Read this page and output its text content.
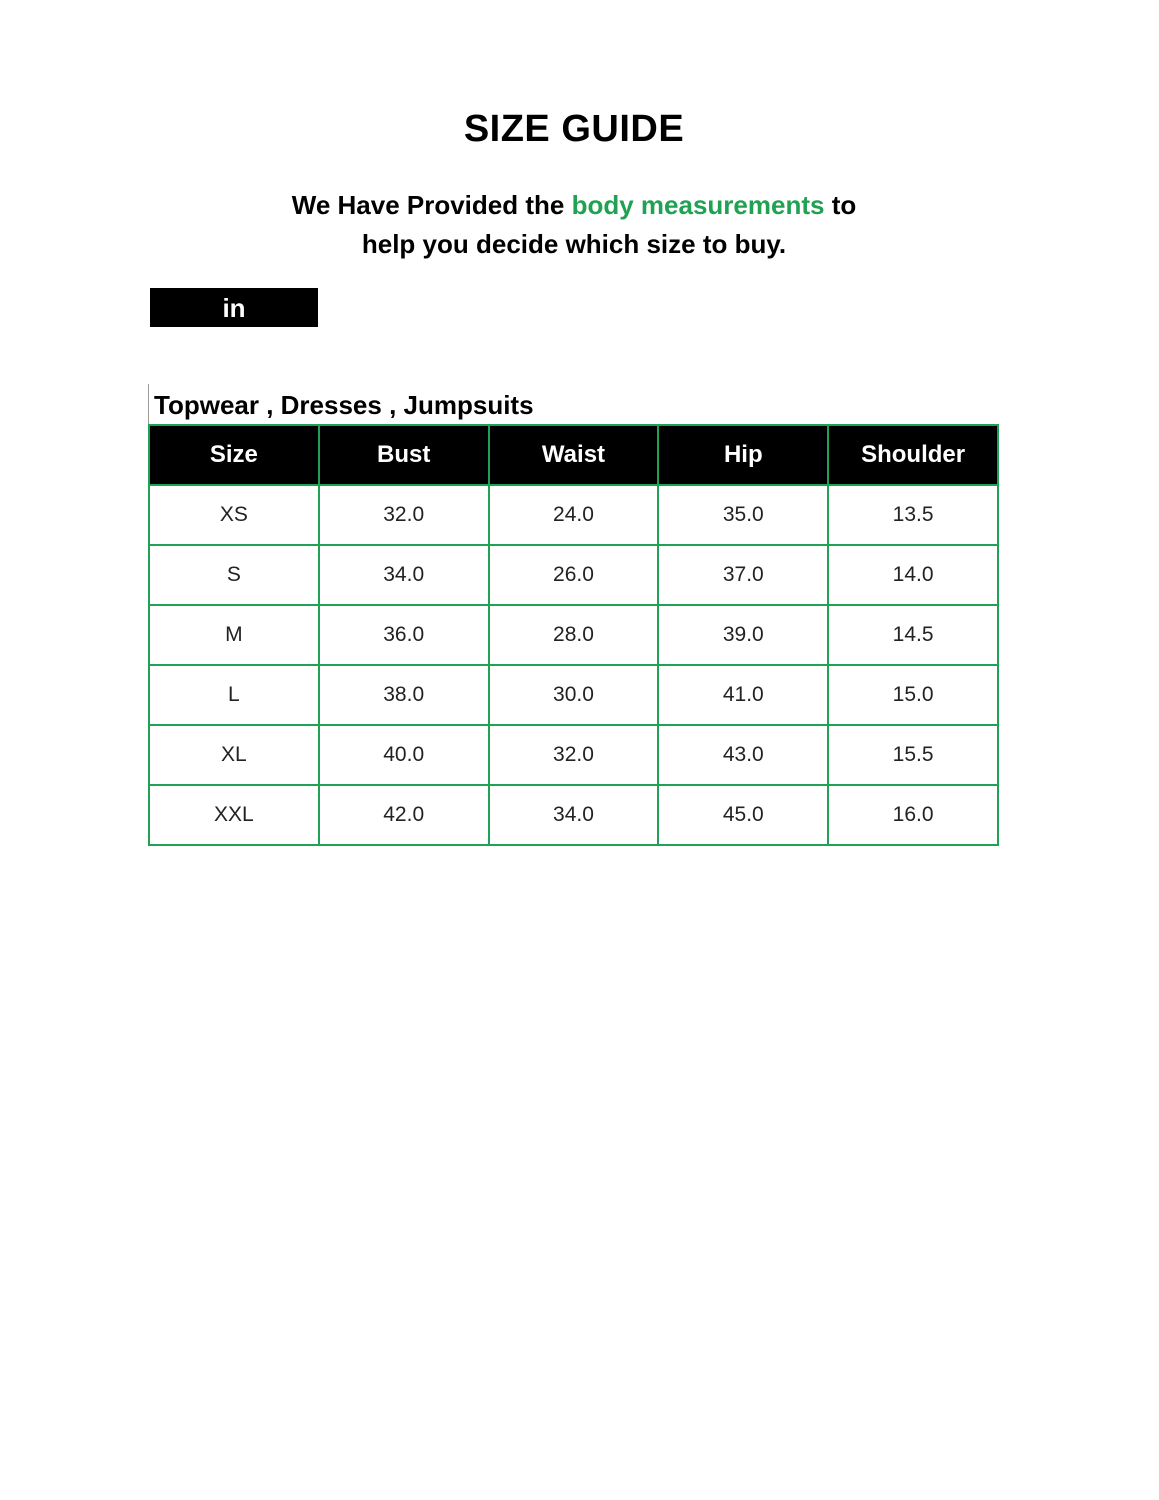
SIZE GUIDE
We Have Provided the body measurements to
help you decide which size to buy.
in
Topwear , Dresses , Jumpsuits
Size	Bust	Waist	Hip	Shoulder
XS	32.0	24.0	35.0	13.5
S	34.0	26.0	37.0	14.0
M	36.0	28.0	39.0	14.5
L	38.0	30.0	41.0	15.0
XL	40.0	32.0	43.0	15.5
XXL	42.0	34.0	45.0	16.0
